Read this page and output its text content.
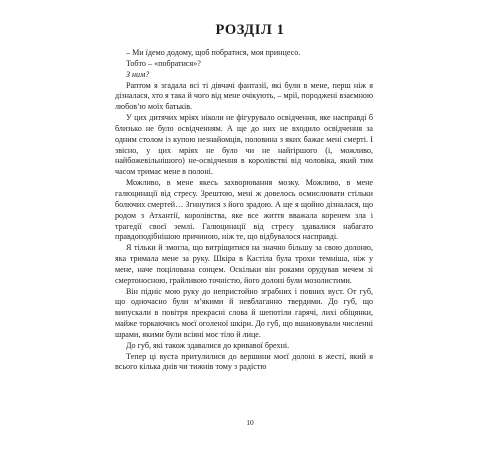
РОЗДІЛ 1

– Ми їдемо додому, щоб побратися, моя принцесо.

Тобто – «побратися»?

З ним?

Раптом я згадала всі ті дівчачі фантазії, які були в мене, перш ніж я дізналася, хто я така й чого від мене очікують, – мрії, породжені взаємною любов’ю моїх батьків.

У цих дитячих мріях ніколи не фігурувало освідчення, яке насправді б близько не було освідченням. А ще до них не входило освідчення за одним столом із купою незнайомців, половина з яких бажає мені смерті. І звісно, у цих мріях не було чи не найгіршого (і, можливо, найбожевільнішого) не-освідчення в королівстві від чоловіка, який тим часом тримає мене в полоні.

Можливо, в мене якесь захворювання мозку. Можливо, в мене галюцинації від стресу. Зрештою, мені ж довелось осмислювати стільки болючих смертей… Згинутися з його зрадою. А ще я щойно дізналася, що родом з Атхантії, королівства, яке все життя вважала коренем зла і трагедії своєї землі. Галюцинації від стресу здавалися набагато правдоподібнішою причиною, ніж те, що відбувалося насправді.

Я тільки й змогла, що витріщитися на значно більшу за свою долоню, яка тримала мене за руку. Шкіра в Кастіла була трохи темніша, ніж у мене, наче поцілована сонцем. Оскільки він роками орудував мечем зі смертоносною, грайливою точністю, його долоні були мозолистими.

Він підніс мою руку до непристойно зграбних і повних вуст. От губ, що одночасно були м’якими й невблаганно твердими. До губ, що випускали в повітря прекрасні слова й шепотіли гарячі, лихі обіцянки, майже торкаючись моєї оголеної шкіри. До губ, що вшановували численні шрами, якими були всіяні моє тіло й лице.

До губ, які також здавалися до кривавої брехні.

Тепер ці вуста притулилися до вершини моєї долоні в жесті, який я всього кілька днів чи тижнів тому з радістю

10
